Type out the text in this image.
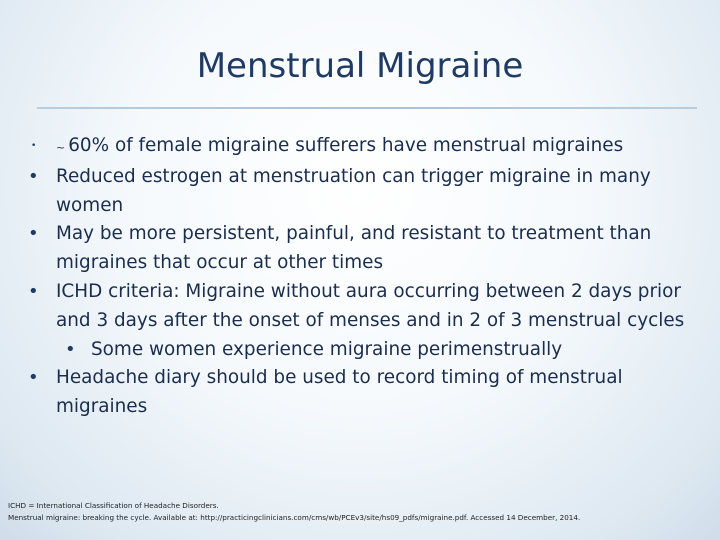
Menstrual Migraine
• ~ 60% of female migraine sufferers have menstrual migraines
• Reduced estrogen at menstruation can trigger migraine in many women
• May be more persistent, painful, and resistant to treatment than migraines that occur at other times
• ICHD criteria: Migraine without aura occurring between 2 days prior and 3 days after the onset of menses and in 2 of 3 menstrual cycles
• Some women experience migraine perimenstrually
• Headache diary should be used to record timing of menstrual migraines
ICHD = International Classification of Headache Disorders.
Menstrual migraine: breaking the cycle. Available at: http://practicingclinicians.com/cms/wb/PCEv3/site/hs09_pdfs/migraine.pdf. Accessed 14 December, 2014.
